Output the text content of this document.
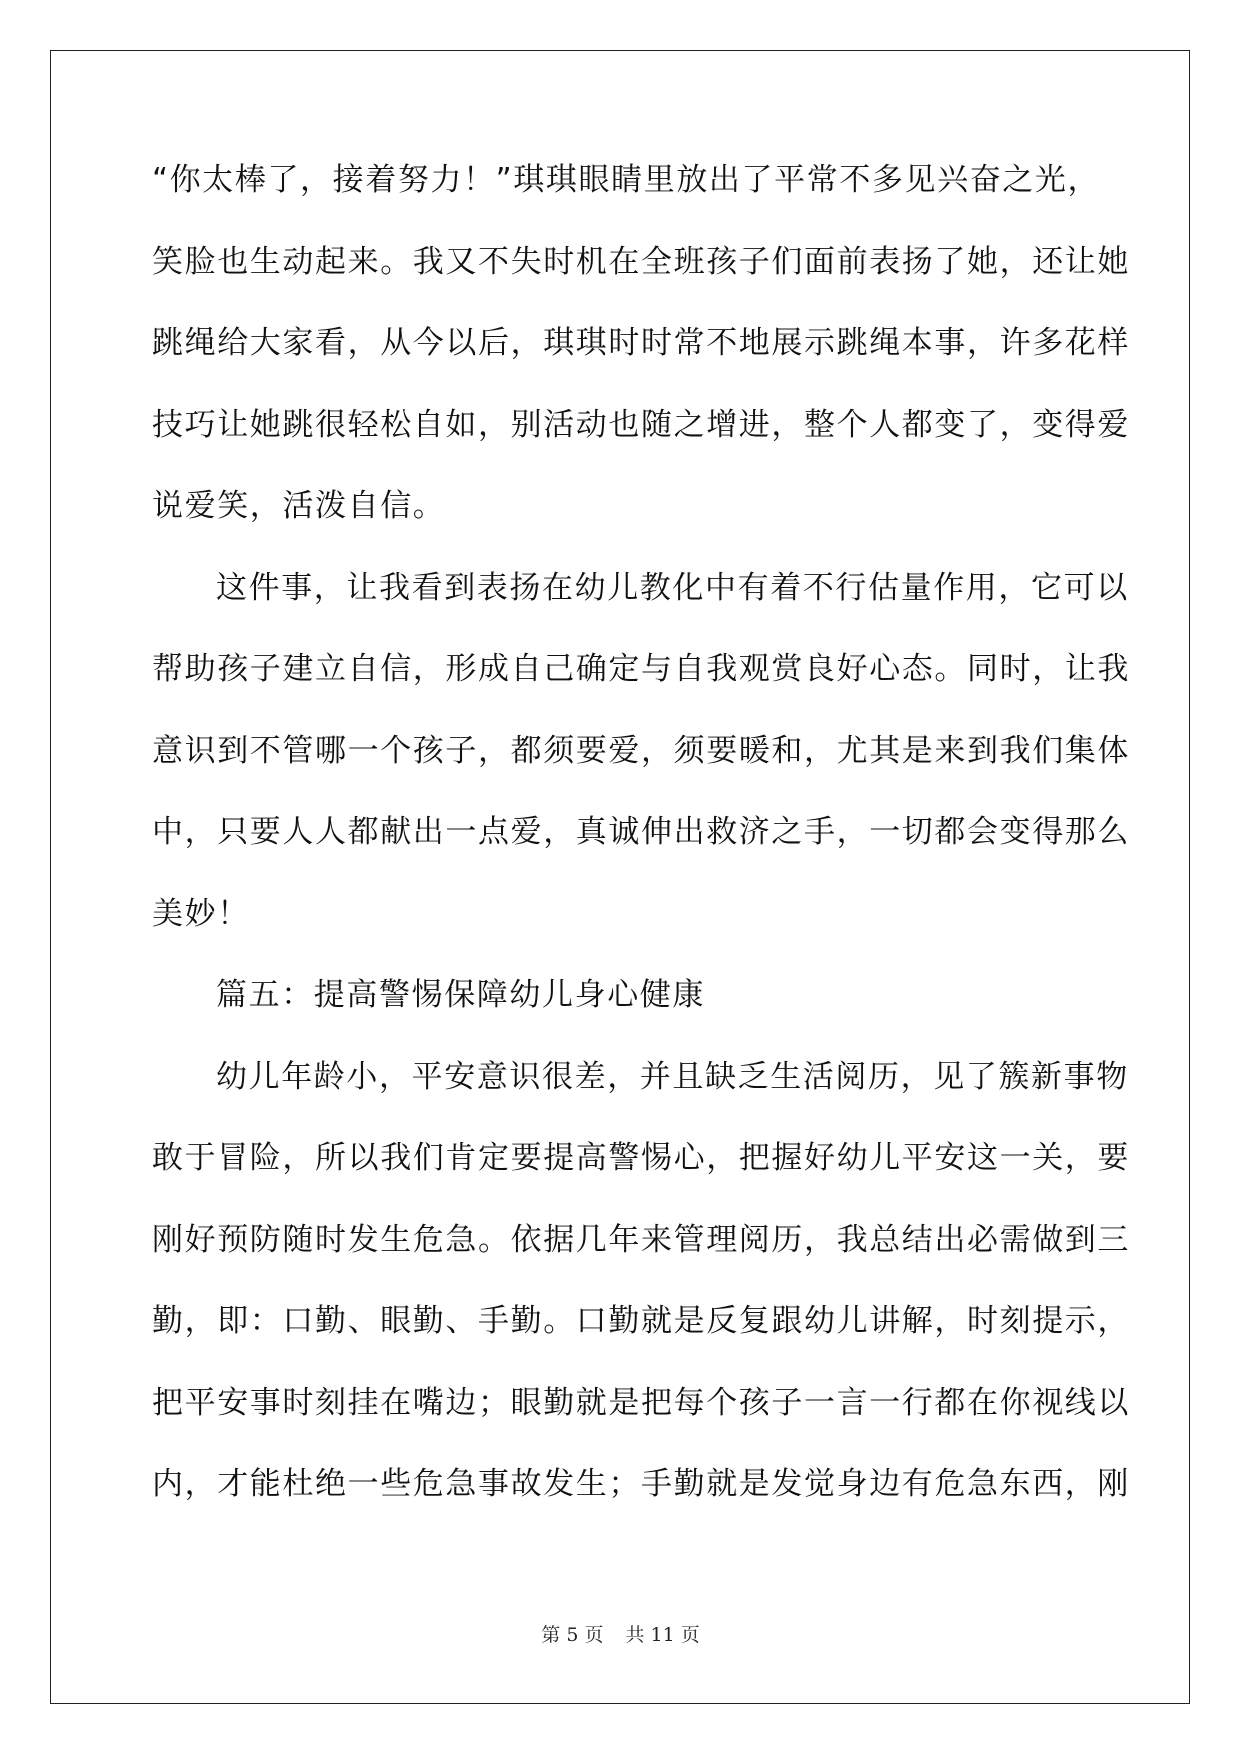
“你太棒了，接着努力！”琪琪眼睛里放出了平常不多见兴奋之光，
笑脸也生动起来。我又不失时机在全班孩子们面前表扬了她，还让她
跳绳给大家看，从今以后，琪琪时时常不地展示跳绳本事，许多花样
技巧让她跳很轻松自如，别活动也随之增进，整个人都变了，变得爱
说爱笑，活泼自信。
这件事，让我看到表扬在幼儿教化中有着不行估量作用，它可以
帮助孩子建立自信，形成自己确定与自我观赏良好心态。同时，让我
意识到不管哪一个孩子，都须要爱，须要暖和，尤其是来到我们集体
中，只要人人都献出一点爱，真诚伸出救济之手，一切都会变得那么
美妙！
篇五：提高警惕保障幼儿身心健康
幼儿年龄小，平安意识很差，并且缺乏生活阅历，见了簇新事物
敢于冒险，所以我们肯定要提高警惕心，把握好幼儿平安这一关，要
刚好预防随时发生危急。依据几年来管理阅历，我总结出必需做到三
勤，即：口勤、眼勤、手勤。口勤就是反复跟幼儿讲解，时刻提示，
把平安事时刻挂在嘴边；眼勤就是把每个孩子一言一行都在你视线以
内，才能杜绝一些危急事故发生；手勤就是发觉身边有危急东西，刚
第 5 页 共 11 页
